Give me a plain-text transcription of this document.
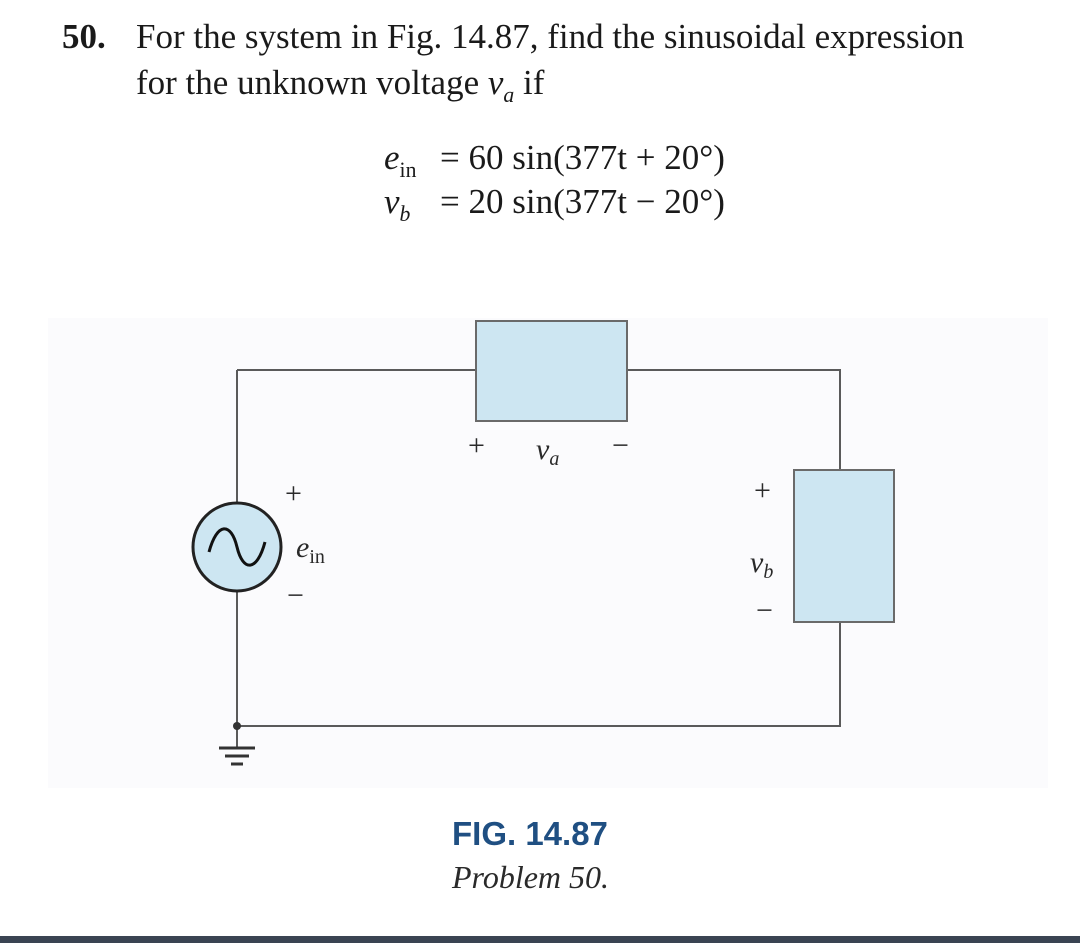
50. For the system in Fig. 14.87, find the sinusoidal expression
for the unknown voltage $v_a$ if
$e_{in} = 60$ sin(377t + 20°)
$v_b = 20$ sin(377t − 20°)
+
−
$e_{in}$
+	−
$v_a$
+
−
$v_b$
FIG. 14.87
Problem 50.
